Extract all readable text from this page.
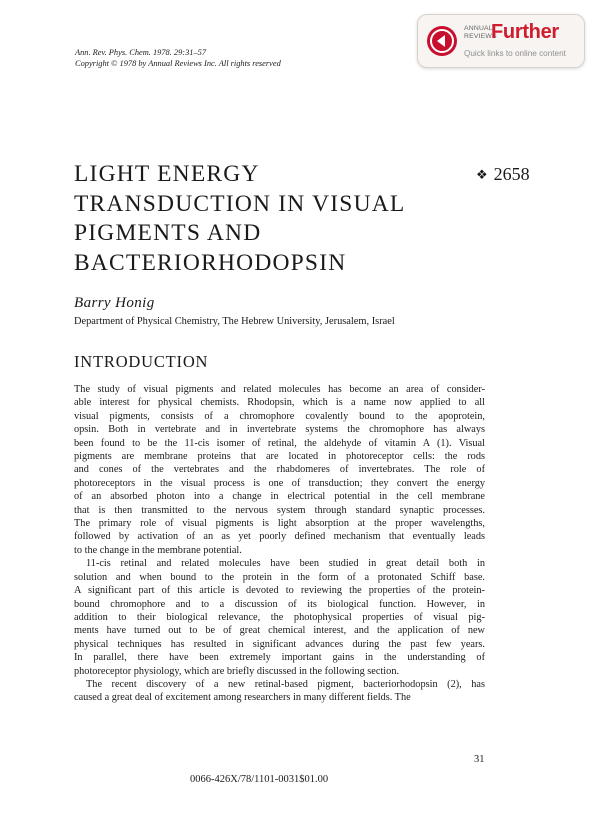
Ann. Rev. Phys. Chem. 1978. 29:31–57
Copyright © 1978 by Annual Reviews Inc. All rights reserved
ANNUAL
REVIEWS
Further
Quick links to online content
LIGHT ENERGY
TRANSDUCTION IN VISUAL
PIGMENTS AND
BACTERIORHODOPSIN
❖ 2658
Barry Honig
Department of Physical Chemistry, The Hebrew University, Jerusalem, Israel
INTRODUCTION

The study of visual pigments and related molecules has become an area of consider-

able interest for physical chemists. Rhodopsin, which is a name now applied to all

visual pigments, consists of a chromophore covalently bound to the apoprotein,

opsin. Both in vertebrate and in invertebrate systems the chromophore has always

been found to be the 11-cis isomer of retinal, the aldehyde of vitamin A (1). Visual

pigments are membrane proteins that are located in photoreceptor cells: the rods

and cones of the vertebrates and the rhabdomeres of invertebrates. The role of

photoreceptors in the visual process is one of transduction; they convert the energy

of an absorbed photon into a change in electrical potential in the cell membrane

that is then transmitted to the nervous system through standard synaptic processes.

The primary role of visual pigments is light absorption at the proper wavelengths,

followed by activation of an as yet poorly defined mechanism that eventually leads

to the change in the membrane potential.

11-cis retinal and related molecules have been studied in great detail both in

solution and when bound to the protein in the form of a protonated Schiff base.

A significant part of this article is devoted to reviewing the properties of the protein-

bound chromophore and to a discussion of its biological function. However, in

addition to their biological relevance, the photophysical properties of visual pig-

ments have turned out to be of great chemical interest, and the application of new

physical techniques has resulted in significant advances during the past few years.

In parallel, there have been extremely important gains in the understanding of

photoreceptor physiology, which are briefly discussed in the following section.

The recent discovery of a new retinal-based pigment, bacteriorhodopsin (2), has

caused a great deal of excitement among researchers in many different fields. The

31
0066-426X/78/1101-0031$01.00
